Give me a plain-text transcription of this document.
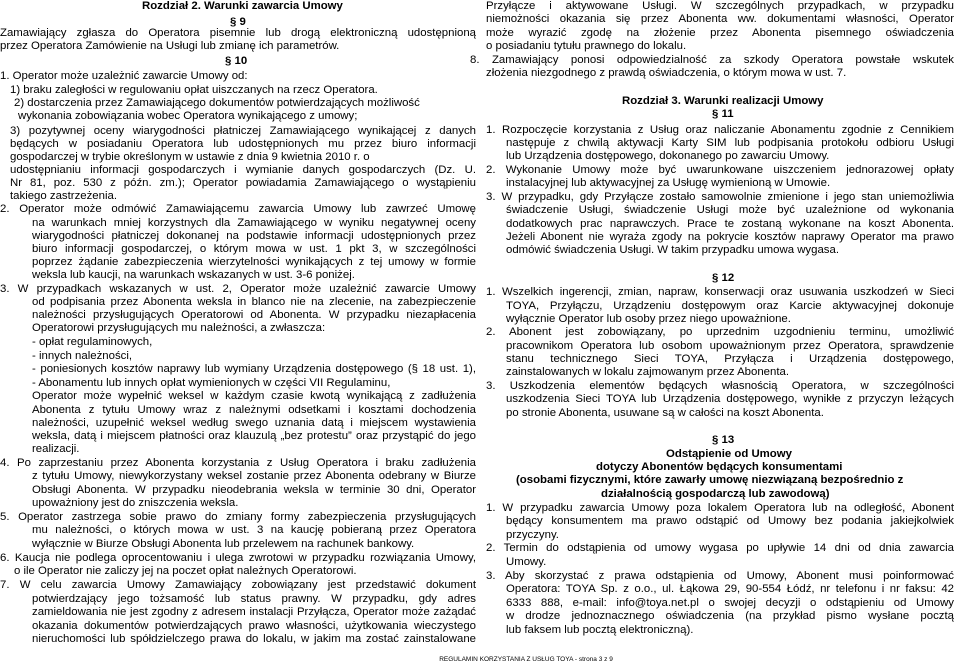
Rozdział 2. Warunki zawarcia Umowy
§ 9
Zamawiający zgłasza do Operatora pisemnie lub drogą elektroniczną udostępnioną
przez Operatora Zamówienie na Usługi lub zmianę ich parametrów.
§ 10
1. Operator może uzależnić zawarcie Umowy od:
1) braku zaległości w regulowaniu opłat uiszczanych na rzecz Operatora.
2) dostarczenia przez Zamawiającego dokumentów potwierdzających możliwość
wykonania zobowiązania wobec Operatora wynikającego z umowy;
3) pozytywnej oceny wiarygodności płatniczej Zamawiającego wynikającej z danych
będących w posiadaniu Operatora lub udostępnionych mu przez biuro informacji
gospodarczej w trybie określonym w ustawie z dnia 9 kwietnia 2010 r. o
udostępnianiu informacji gospodarczych i wymianie danych gospodarczych (Dz. U.
Nr 81, poz. 530 z późn. zm.); Operator powiadamia Zamawiającego o wystąpieniu
takiego zastrzeżenia.
2. Operator może odmówić Zamawiającemu zawarcia Umowy lub zawrzeć Umowę
na warunkach mniej korzystnych dla Zamawiającego w wyniku negatywnej oceny
wiarygodności płatniczej dokonanej na podstawie informacji udostępnionych przez
biuro informacji gospodarczej, o którym mowa w ust. 1 pkt 3, w szczególności
poprzez żądanie zabezpieczenia wierzytelności wynikających z tej umowy w formie
weksla lub kaucji, na warunkach wskazanych w ust. 3-6 poniżej.
3. W przypadkach wskazanych w ust. 2, Operator może uzależnić zawarcie Umowy
od podpisania przez Abonenta weksla in blanco nie na zlecenie, na zabezpieczenie
należności przysługujących Operatorowi od Abonenta. W przypadku niezapłacenia
Operatorowi przysługujących mu należności, a zwłaszcza:
- opłat regulaminowych,
- innych należności,
- poniesionych kosztów naprawy lub wymiany Urządzenia dostępowego (§ 18 ust. 1),
- Abonamentu lub innych opłat wymienionych w części VII Regulaminu,
Operator może wypełnić weksel w każdym czasie kwotą wynikającą z zadłużenia
Abonenta z tytułu Umowy wraz z należnymi odsetkami i kosztami dochodzenia
należności, uzupełnić weksel według swego uznania datą i miejscem wystawienia
weksla, datą i miejscem płatności oraz klauzulą „bez protestu” oraz przystąpić do jego
realizacji.
4. Po zaprzestaniu przez Abonenta korzystania z Usług Operatora i braku zadłużenia
z tytułu Umowy, niewykorzystany weksel zostanie przez Abonenta odebrany w Biurze
Obsługi Abonenta. W przypadku nieodebrania weksla w terminie 30 dni, Operator
upoważniony jest do zniszczenia weksla.
5. Operator zastrzega sobie prawo do zmiany formy zabezpieczenia przysługujących
mu należności, o których mowa w ust. 3 na kaucję pobieraną przez Operatora
wyłącznie w Biurze Obsługi Abonenta lub przelewem na rachunek bankowy.
6. Kaucja nie podlega oprocentowaniu i ulega zwrotowi w przypadku rozwiązania Umowy,
o ile Operator nie zaliczy jej na poczet opłat należnych Operatorowi.
7. W celu zawarcia Umowy Zamawiający zobowiązany jest przedstawić dokument
potwierdzający jego tożsamość lub status prawny. W przypadku, gdy adres
zamieldowania nie jest zgodny z adresem instalacji Przyłącza, Operator może zażądać
okazania dokumentów potwierdzających prawo własności, użytkowania wieczystego
nieruchomości lub spółdzielczego prawa do lokalu, w jakim ma zostać zainstalowane
Przyłącze i aktywowane Usługi. W szczególnych przypadkach, w przypadku
niemożności okazania się przez Abonenta ww. dokumentami własności, Operator
może wyrazić zgodę na złożenie przez Abonenta pisemnego oświadczenia
o posiadaniu tytułu prawnego do lokalu.
8. Zamawiający ponosi odpowiedzialność za szkody Operatora powstałe wskutek
złożenia niezgodnego z prawdą oświadczenia, o którym mowa w ust. 7.
Rozdział 3. Warunki realizacji Umowy
§ 11
1. Rozpoczęcie korzystania z Usług oraz naliczanie Abonamentu zgodnie z Cennikiem
następuje z chwilą aktywacji Karty SIM lub podpisania protokołu odbioru Usługi
lub Urządzenia dostępowego, dokonanego po zawarciu Umowy.
2. Wykonanie Umowy może być uwarunkowane uiszczeniem jednorazowej opłaty
instalacyjnej lub aktywacyjnej za Usługę wymienioną w Umowie.
3. W przypadku, gdy Przyłącze zostało samowolnie zmienione i jego stan uniemożliwia
świadczenie Usługi, świadczenie Usługi może być uzależnione od wykonania
dodatkowych prac naprawczych. Prace te zostaną wykonane na koszt Abonenta.
Jeżeli Abonent nie wyraża zgody na pokrycie kosztów naprawy Operator ma prawo
odmówić świadczenia Usługi. W takim przypadku umowa wygasa.
§ 12
1. Wszelkich ingerencji, zmian, napraw, konserwacji oraz usuwania uszkodzeń w Sieci
TOYA, Przyłączu, Urządzeniu dostępowym oraz Karcie aktywacyjnej dokonuje
wyłącznie Operator lub osoby przez niego upoważnione.
2. Abonent jest zobowiązany, po uprzednim uzgodnieniu terminu, umożliwić
pracownikom Operatora lub osobom upoważnionym przez Operatora, sprawdzenie
stanu technicznego Sieci TOYA, Przyłącza i Urządzenia dostępowego,
zainstalowanych w lokalu zajmowanym przez Abonenta.
3. Uszkodzenia elementów będących własnością Operatora, w szczególności
uszkodzenia Sieci TOYA lub Urządzenia dostępowego, wynikłe z przyczyn leżących
po stronie Abonenta, usuwane są w całości na koszt Abonenta.
§ 13
Odstąpienie od Umowy
dotyczy Abonentów będących konsumentami
(osobami fizycznymi, które zawarły umowę niezwiązaną bezpośrednio z
działalnością gospodarczą lub zawodową)
1. W przypadku zawarcia Umowy poza lokalem Operatora lub na odległość, Abonent
będący konsumentem ma prawo odstąpić od Umowy bez podania jakiejkolwiek
przyczyny.
2. Termin do odstąpienia od umowy wygasa po upływie 14 dni od dnia zawarcia
Umowy.
3. Aby skorzystać z prawa odstąpienia od Umowy, Abonent musi poinformować
Operatora: TOYA Sp. z o.o., ul. Łąkowa 29, 90-554 Łódź, nr telefonu i nr faksu: 42
6333 888, e-mail: info@toya.net.pl o swojej decyzji o odstąpieniu od Umowy
w drodze jednoznacznego oświadczenia (na przykład pismo wysłane pocztą
lub faksem lub pocztą elektroniczną).
REGULAMIN KORZYSTANIA Z USŁUG TOYA - strona 3 z 9
